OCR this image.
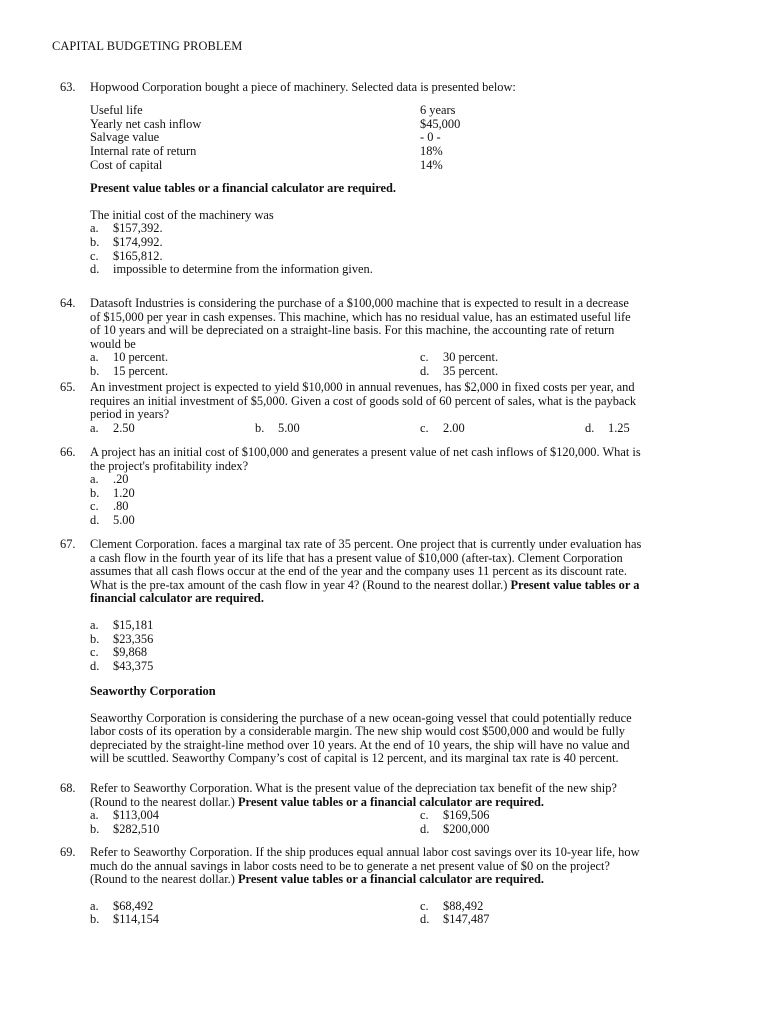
CAPITAL BUDGETING PROBLEM
63.	Hopwood Corporation bought a piece of machinery. Selected data is presented below:
Useful life	6 years
Yearly net cash inflow	$45,000
Salvage value	- 0 -
Internal rate of return	18%
Cost of capital	14%
Present value tables or a financial calculator are required.
The initial cost of the machinery was
a. $157,392.
b. $174,992.
c. $165,812.
d. impossible to determine from the information given.
64.	Datasoft Industries is considering the purchase of a $100,000 machine that is expected to result in a decrease
of $15,000 per year in cash expenses. This machine, which has no residual value, has an estimated useful life
of 10 years and will be depreciated on a straight-line basis. For this machine, the accounting rate of return
would be
a. 10 percent.	c. 30 percent.
b. 15 percent.	d. 35 percent.
65.	An investment project is expected to yield $10,000 in annual revenues, has $2,000 in fixed costs per year, and
requires an initial investment of $5,000. Given a cost of goods sold of 60 percent of sales, what is the payback
period in years?
a. 2.50	b. 5.00	c. 2.00	d. 1.25
66.	A project has an initial cost of $100,000 and generates a present value of net cash inflows of $120,000. What is
the project's profitability index?
a. .20
b. 1.20
c. .80
d. 5.00
67.	Clement Corporation. faces a marginal tax rate of 35 percent. One project that is currently under evaluation has
a cash flow in the fourth year of its life that has a present value of $10,000 (after-tax). Clement Corporation
assumes that all cash flows occur at the end of the year and the company uses 11 percent as its discount rate.
What is the pre-tax amount of the cash flow in year 4? (Round to the nearest dollar.) Present value tables or a
financial calculator are required.
a. $15,181
b. $23,356
c. $9,868
d. $43,375
Seaworthy Corporation
Seaworthy Corporation is considering the purchase of a new ocean-going vessel that could potentially reduce
labor costs of its operation by a considerable margin. The new ship would cost $500,000 and would be fully
depreciated by the straight-line method over 10 years. At the end of 10 years, the ship will have no value and
will be scuttled. Seaworthy Company’s cost of capital is 12 percent, and its marginal tax rate is 40 percent.
68.	Refer to Seaworthy Corporation. What is the present value of the depreciation tax benefit of the new ship?
(Round to the nearest dollar.) Present value tables or a financial calculator are required.
a. $113,004	c. $169,506
b. $282,510	d. $200,000
69.	Refer to Seaworthy Corporation. If the ship produces equal annual labor cost savings over its 10-year life, how
much do the annual savings in labor costs need to be to generate a net present value of $0 on the project?
(Round to the nearest dollar.) Present value tables or a financial calculator are required.
a. $68,492	c. $88,492
b. $114,154	d. $147,487
